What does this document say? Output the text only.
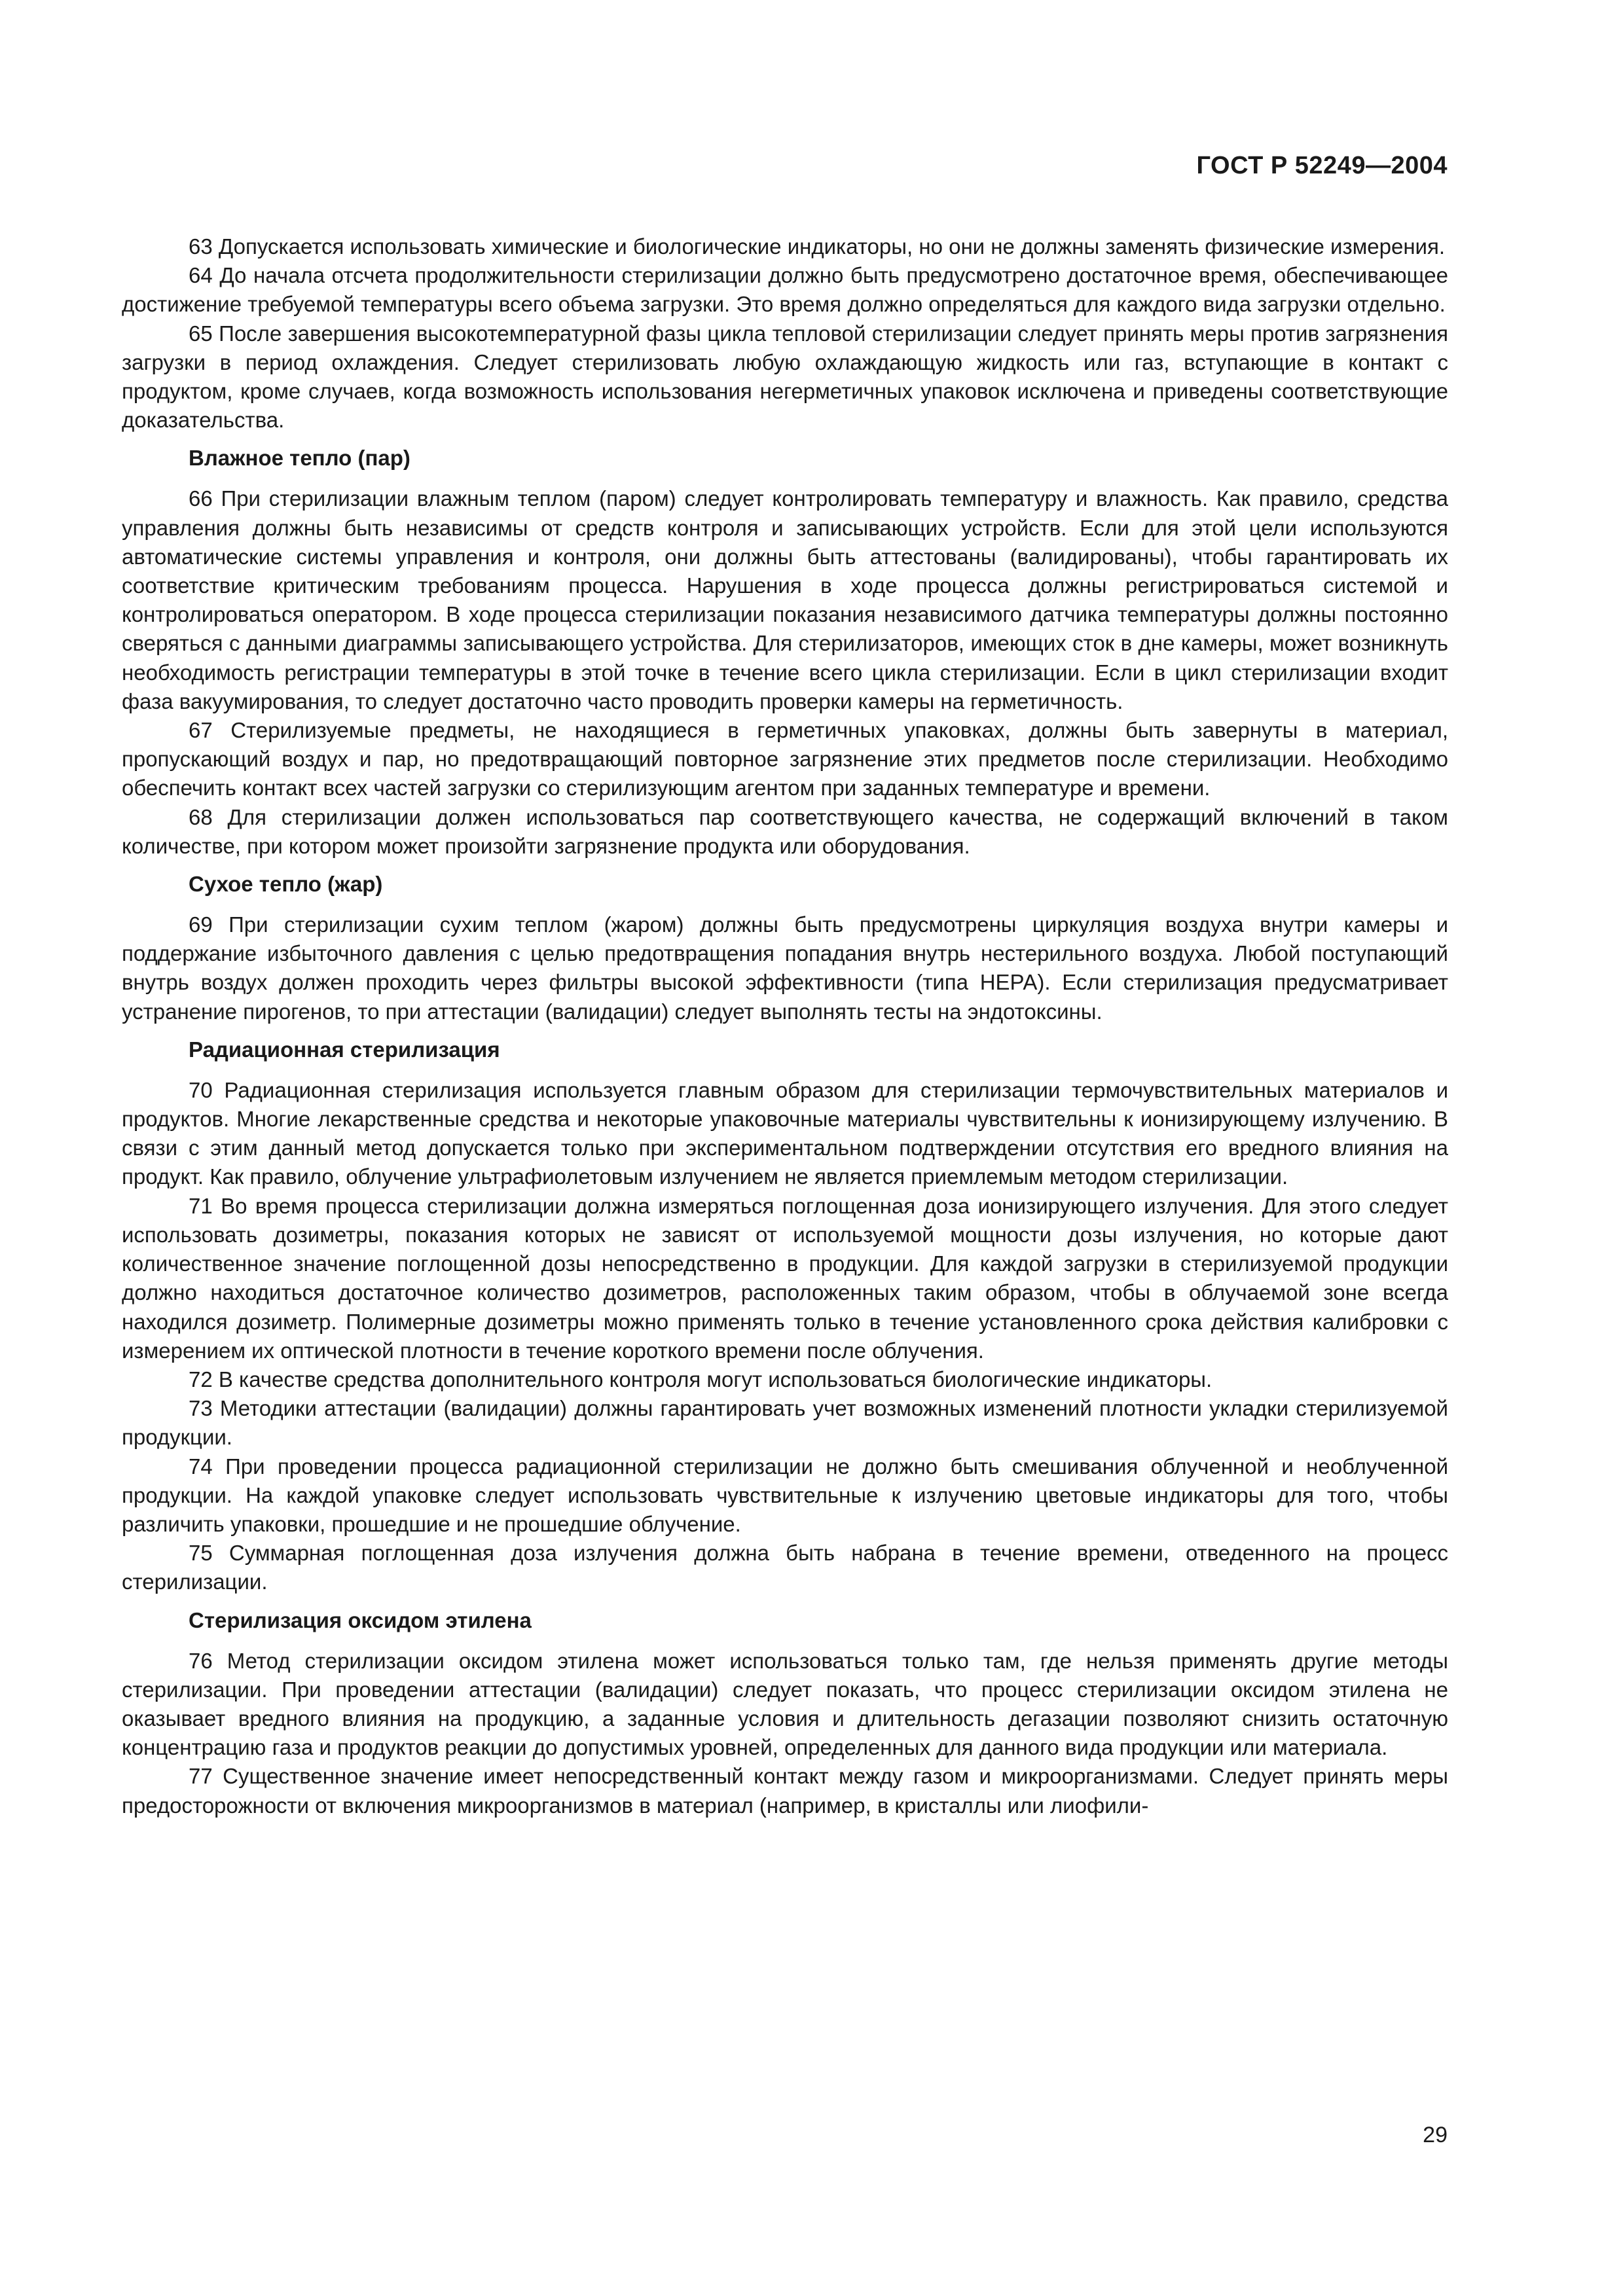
ГОСТ Р 52249—2004

63 Допускается использовать химические и биологические индикаторы, но они не должны заменять физические измерения.

64 До начала отсчета продолжительности стерилизации должно быть предусмотрено достаточное время, обеспечивающее достижение требуемой температуры всего объема загрузки. Это время должно определяться для каждого вида загрузки отдельно.

65 После завершения высокотемпературной фазы цикла тепловой стерилизации следует принять меры против загрязнения загрузки в период охлаждения. Следует стерилизовать любую охлаждающую жидкость или газ, вступающие в контакт с продуктом, кроме случаев, когда возможность использования негерметичных упаковок исключена и приведены соответствующие доказательства.

Влажное тепло (пар)

66 При стерилизации влажным теплом (паром) следует контролировать температуру и влажность. Как правило, средства управления должны быть независимы от средств контроля и записывающих устройств. Если для этой цели используются автоматические системы управления и контроля, они должны быть аттестованы (валидированы), чтобы гарантировать их соответствие критическим требованиям процесса. Нарушения в ходе процесса должны регистрироваться системой и контролироваться оператором. В ходе процесса стерилизации показания независимого датчика температуры должны постоянно сверяться с данными диаграммы записывающего устройства. Для стерилизаторов, имеющих сток в дне камеры, может возникнуть необходимость регистрации температуры в этой точке в течение всего цикла стерилизации. Если в цикл стерилизации входит фаза вакуумирования, то следует достаточно часто проводить проверки камеры на герметичность.

67 Стерилизуемые предметы, не находящиеся в герметичных упаковках, должны быть завернуты в материал, пропускающий воздух и пар, но предотвращающий повторное загрязнение этих предметов после стерилизации. Необходимо обеспечить контакт всех частей загрузки со стерилизующим агентом при заданных температуре и времени.

68 Для стерилизации должен использоваться пар соответствующего качества, не содержащий включений в таком количестве, при котором может произойти загрязнение продукта или оборудования.

Сухое тепло (жар)

69 При стерилизации сухим теплом (жаром) должны быть предусмотрены циркуляция воздуха внутри камеры и поддержание избыточного давления с целью предотвращения попадания внутрь нестерильного воздуха. Любой поступающий внутрь воздух должен проходить через фильтры высокой эффективности (типа НЕРА). Если стерилизация предусматривает устранение пирогенов, то при аттестации (валидации) следует выполнять тесты на эндотоксины.

Радиационная стерилизация

70 Радиационная стерилизация используется главным образом для стерилизации термочувствительных материалов и продуктов. Многие лекарственные средства и некоторые упаковочные материалы чувствительны к ионизирующему излучению. В связи с этим данный метод допускается только при экспериментальном подтверждении отсутствия его вредного влияния на продукт. Как правило, облучение ультрафиолетовым излучением не является приемлемым методом стерилизации.

71 Во время процесса стерилизации должна измеряться поглощенная доза ионизирующего излучения. Для этого следует использовать дозиметры, показания которых не зависят от используемой мощности дозы излучения, но которые дают количественное значение поглощенной дозы непосредственно в продукции. Для каждой загрузки в стерилизуемой продукции должно находиться достаточное количество дозиметров, расположенных таким образом, чтобы в облучаемой зоне всегда находился дозиметр. Полимерные дозиметры можно применять только в течение установленного срока действия калибровки с измерением их оптической плотности в течение короткого времени после облучения.

72 В качестве средства дополнительного контроля могут использоваться биологические индикаторы.

73 Методики аттестации (валидации) должны гарантировать учет возможных изменений плотности укладки стерилизуемой продукции.

74 При проведении процесса радиационной стерилизации не должно быть смешивания облученной и необлученной продукции. На каждой упаковке следует использовать чувствительные к излучению цветовые индикаторы для того, чтобы различить упаковки, прошедшие и не прошедшие облучение.

75 Суммарная поглощенная доза излучения должна быть набрана в течение времени, отведенного на процесс стерилизации.

Стерилизация оксидом этилена

76 Метод стерилизации оксидом этилена может использоваться только там, где нельзя применять другие методы стерилизации. При проведении аттестации (валидации) следует показать, что процесс стерилизации оксидом этилена не оказывает вредного влияния на продукцию, а заданные условия и длительность дегазации позволяют снизить остаточную концентрацию газа и продуктов реакции до допустимых уровней, определенных для данного вида продукции или материала.

77 Существенное значение имеет непосредственный контакт между газом и микроорганизмами. Следует принять меры предосторожности от включения микроорганизмов в материал (например, в кристаллы или лиофили-

29
